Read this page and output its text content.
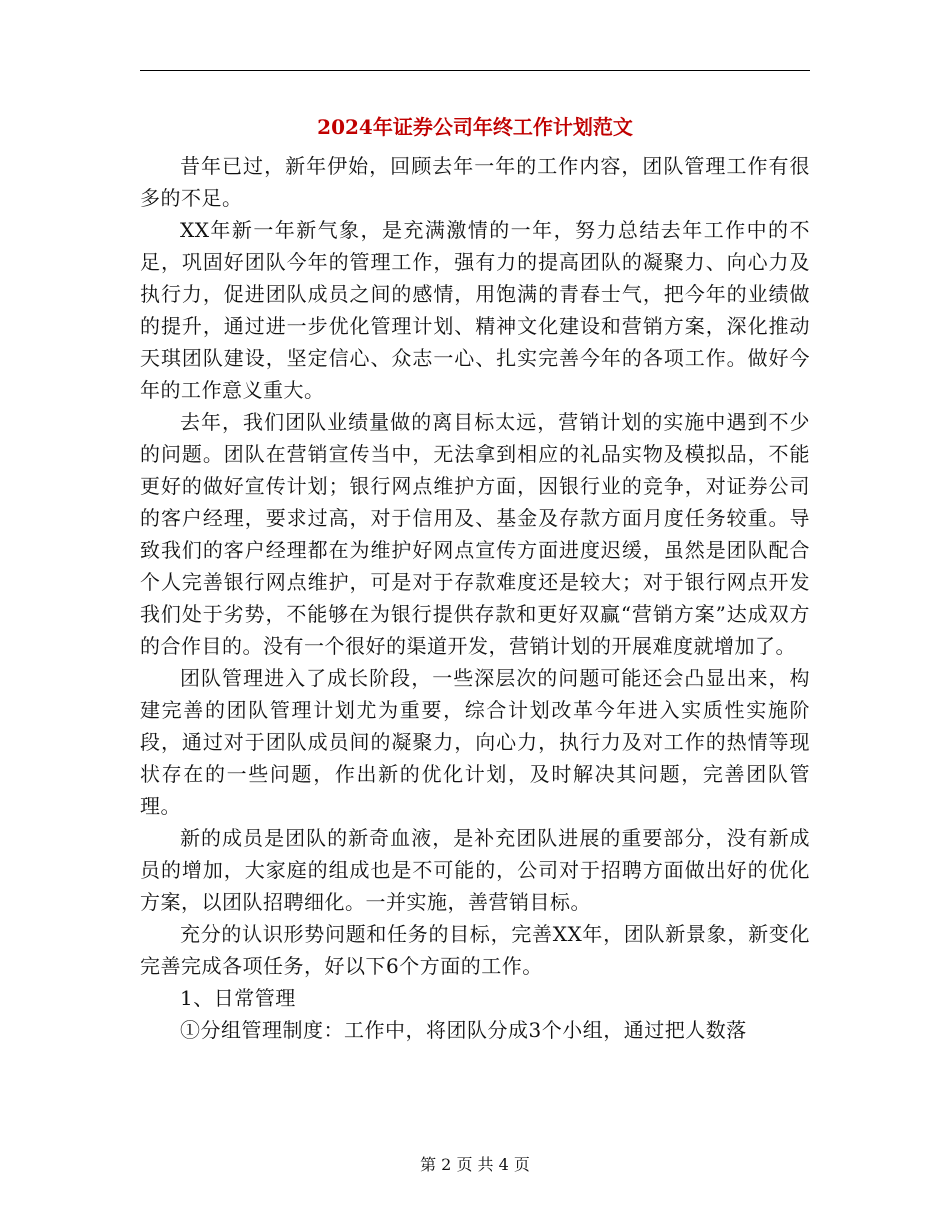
2024年证券公司年终工作计划范文

昔年已过，新年伊始，回顾去年一年的工作内容，团队管理工作有很多的不足。

XX年新一年新气象，是充满激情的一年，努力总结去年工作中的不足，巩固好团队今年的管理工作，强有力的提高团队的凝聚力、向心力及执行力，促进团队成员之间的感情，用饱满的青春士气，把今年的业绩做的提升，通过进一步优化管理计划、精神文化建设和营销方案，深化推动天琪团队建设，坚定信心、众志一心、扎实完善今年的各项工作。做好今年的工作意义重大。

去年，我们团队业绩量做的离目标太远，营销计划的实施中遇到不少的问题。团队在营销宣传当中，无法拿到相应的礼品实物及模拟品，不能更好的做好宣传计划；银行网点维护方面，因银行业的竞争，对证券公司的客户经理，要求过高，对于信用及、基金及存款方面月度任务较重。导致我们的客户经理都在为维护好网点宣传方面进度迟缓，虽然是团队配合个人完善银行网点维护，可是对于存款难度还是较大；对于银行网点开发我们处于劣势，不能够在为银行提供存款和更好双赢“营销方案”达成双方的合作目的。没有一个很好的渠道开发，营销计划的开展难度就增加了。

团队管理进入了成长阶段，一些深层次的问题可能还会凸显出来，构建完善的团队管理计划尤为重要，综合计划改革今年进入实质性实施阶段，通过对于团队成员间的凝聚力，向心力，执行力及对工作的热情等现状存在的一些问题，作出新的优化计划，及时解决其问题，完善团队管理。

新的成员是团队的新奇血液，是补充团队进展的重要部分，没有新成员的增加，大家庭的组成也是不可能的，公司对于招聘方面做出好的优化方案，以团队招聘细化。一并实施，善营销目标。

充分的认识形势问题和任务的目标，完善XX年，团队新景象，新变化完善完成各项任务，好以下6个方面的工作。

1、日常管理

①分组管理制度：工作中，将团队分成3个小组，通过把人数落

第 2 页 共 4 页
